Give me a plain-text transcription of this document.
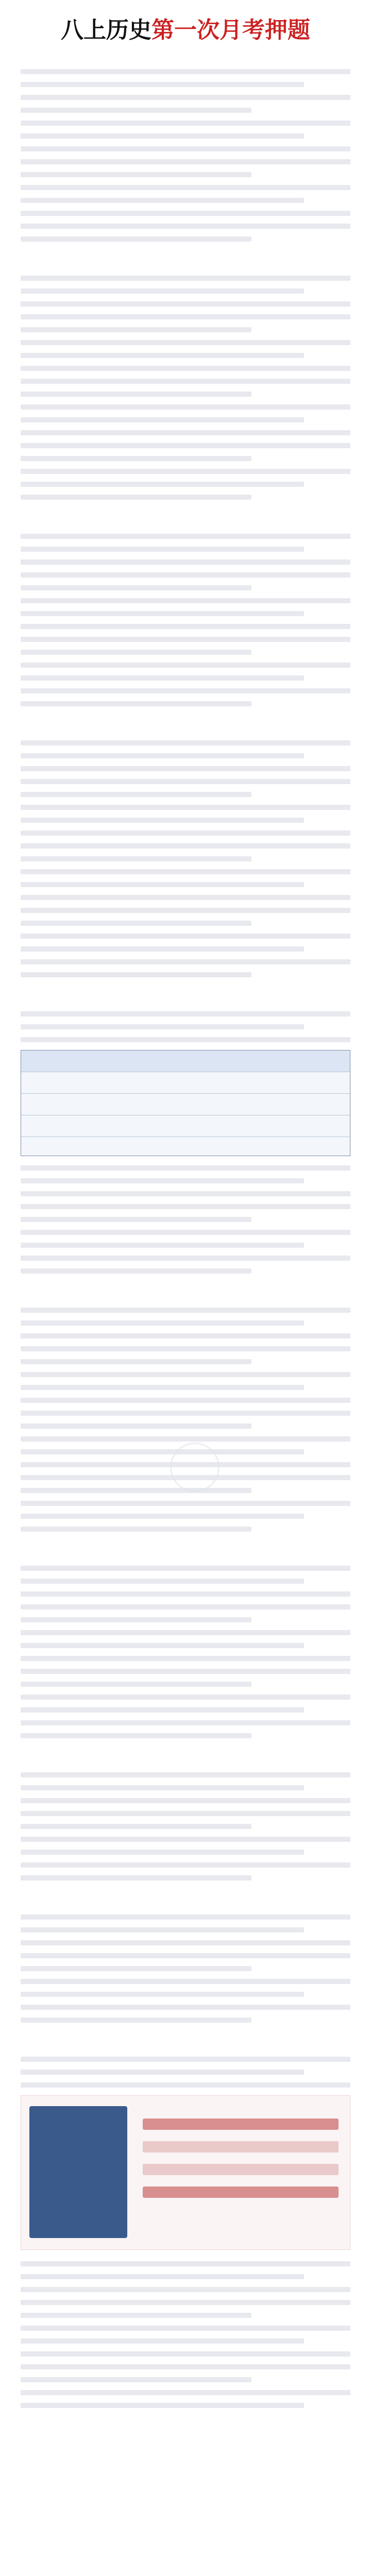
八上历史第一次月考押题
